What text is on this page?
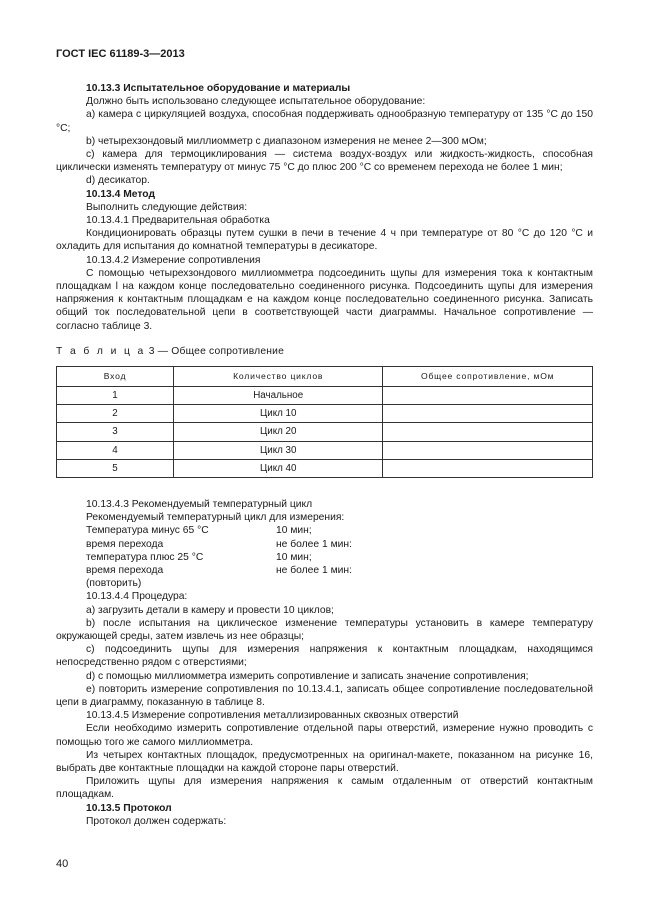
ГОСТ IEC 61189-3—2013

10.13.3 Испытательное оборудование и материалы

Должно быть использовано следующее испытательное оборудование:

а) камера с циркуляцией воздуха, способная поддерживать однообразную температуру от 135 °С до 150 °С;

b) четырехзондовый миллиомметр с диапазоном измерения не менее 2—300 мОм;

с) камера для термоциклирования — система воздух-воздух или жидкость-жидкость, способная циклически изменять температуру от минус 75 °С до плюс 200 °С со временем перехода не более 1 мин;

d) десикатор.

10.13.4 Метод

Выполнить следующие действия:

10.13.4.1 Предварительная обработка

Кондиционировать образцы путем сушки в печи в течение 4 ч при температуре от 80 °С до 120 °С и охладить для испытания до комнатной температуры в десикаторе.

10.13.4.2 Измерение сопротивления

С помощью четырехзондового миллиомметра подсоединить щупы для измерения тока к контактным площадкам l на каждом конце последовательно соединенного рисунка. Подсоединить щупы для измерения напряжения к контактным площадкам e на каждом конце последовательно соединенного рисунка. Записать общий ток последовательной цепи в соответствующей части диаграммы. Начальное сопротивление — согласно таблице 3.

Т а б л и ц а 3 — Общее сопротивление

Вход	Количество циклов	Общее сопротивление, мОм
1	Начальное	
2	Цикл 10	
3	Цикл 20	
4	Цикл 30	
5	Цикл 40	

10.13.4.3 Рекомендуемый температурный цикл

Рекомендуемый температурный цикл для измерения:

Температура минус 65 °С	10 мин;
время перехода	не более 1 мин:
температура плюс 25 °С	10 мин;
время перехода	не более 1 мин:

(повторить)

10.13.4.4 Процедура:

а) загрузить детали в камеру и провести 10 циклов;

b) после испытания на циклическое изменение температуры установить в камере температуру окружающей среды, затем извлечь из нее образцы;

с) подсоединить щупы для измерения напряжения к контактным площадкам, находящимся непосредственно рядом с отверстиями;

d) с помощью миллиомметра измерить сопротивление и записать значение сопротивления;

е) повторить измерение сопротивления по 10.13.4.1, записать общее сопротивление последовательной цепи в диаграмму, показанную в таблице 8.

10.13.4.5 Измерение сопротивления металлизированных сквозных отверстий

Если необходимо измерить сопротивление отдельной пары отверстий, измерение нужно проводить с помощью того же самого миллиомметра.

Из четырех контактных площадок, предусмотренных на оригинал-макете, показанном на рисунке 16, выбрать две контактные площадки на каждой стороне пары отверстий.

Приложить щупы для измерения напряжения к самым отдаленным от отверстий контактным площадкам.

10.13.5 Протокол

Протокол должен содержать:

40
